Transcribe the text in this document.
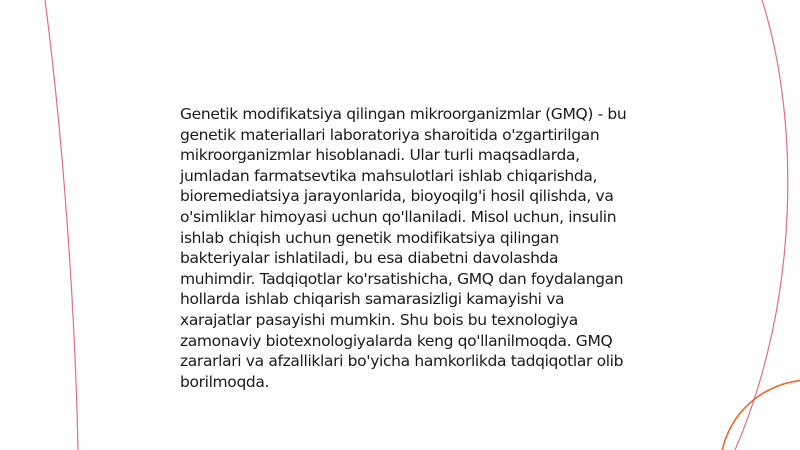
Genetik modifikatsiya qilingan mikroorganizmlar (GMQ) - bu genetik materiallari laboratoriya sharoitida o'zgartirilgan mikroorganizmlar hisoblanadi. Ular turli maqsadlarda, jumladan farmatsevtika mahsulotlari ishlab chiqarishda, bioremediatsiya jarayonlarida, bioyoqilg'i hosil qilishda, va o'simliklar himoyasi uchun qo'llaniladi. Misol uchun, insulin ishlab chiqish uchun genetik modifikatsiya qilingan bakteriyalar ishlatiladi, bu esa diabetni davolashda muhimdir. Tadqiqotlar ko'rsatishicha, GMQ dan foydalangan hollarda ishlab chiqarish samarasizligi kamayishi va xarajatlar pasayishi mumkin. Shu bois bu texnologiya zamonaviy biotexnologiyalarda keng qo'llanilmoqda. GMQ zararlari va afzalliklari bo'yicha hamkorlikda tadqiqotlar olib borilmoqda.
